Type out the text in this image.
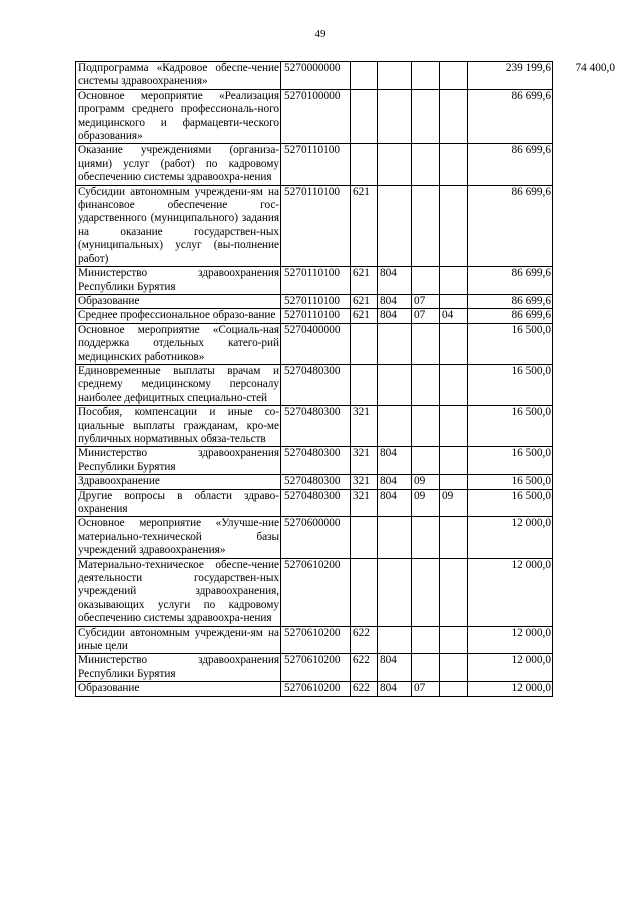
49
Подпрограмма «Кадровое обеспе-чение системы здравоохранения»	5270000000					239 199,6	74 400,0
Основное мероприятие «Реализация программ среднего профессиональ-ного медицинского и фармацевти-ческого образования»	5270100000					86 699,6	
Оказание учреждениями (организа-циями) услуг (работ) по кадровому обеспечению системы здравоохра-нения	5270110100					86 699,6	
Субсидии автономным учреждени-ям на финансовое обеспечение гос-ударственного (муниципального) задания на оказание государствен-ных (муниципальных) услуг (вы-полнение работ)	5270110100	621				86 699,6	
Министерство здравоохранения Республики Бурятия	5270110100	621	804			86 699,6	
Образование	5270110100	621	804	07		86 699,6	
Среднее профессиональное образо-вание	5270110100	621	804	07	04	86 699,6	
Основное мероприятие «Социаль-ная поддержка отдельных катего-рий медицинских работников»	5270400000					16 500,0	
Единовременные выплаты врачам и среднему медицинскому персоналу наиболее дефицитных специально-стей	5270480300					16 500,0	
Пособия, компенсации и иные со-циальные выплаты гражданам, кро-ме публичных нормативных обяза-тельств	5270480300	321				16 500,0	
Министерство здравоохранения Республики Бурятия	5270480300	321	804			16 500,0	
Здравоохранение	5270480300	321	804	09		16 500,0	
Другие вопросы в области здраво-охранения	5270480300	321	804	09	09	16 500,0	
Основное мероприятие «Улучше-ние материально-технической базы учреждений здравоохранения»	5270600000					12 000,0	
Материально-техническое обеспе-чение деятельности государствен-ных учреждений здравоохранения, оказывающих услуги по кадровому обеспечению системы здравоохра-нения	5270610200					12 000,0	
Субсидии автономным учреждени-ям на иные цели	5270610200	622				12 000,0	
Министерство здравоохранения Республики Бурятия	5270610200	622	804			12 000,0	
Образование	5270610200	622	804	07		12 000,0	
